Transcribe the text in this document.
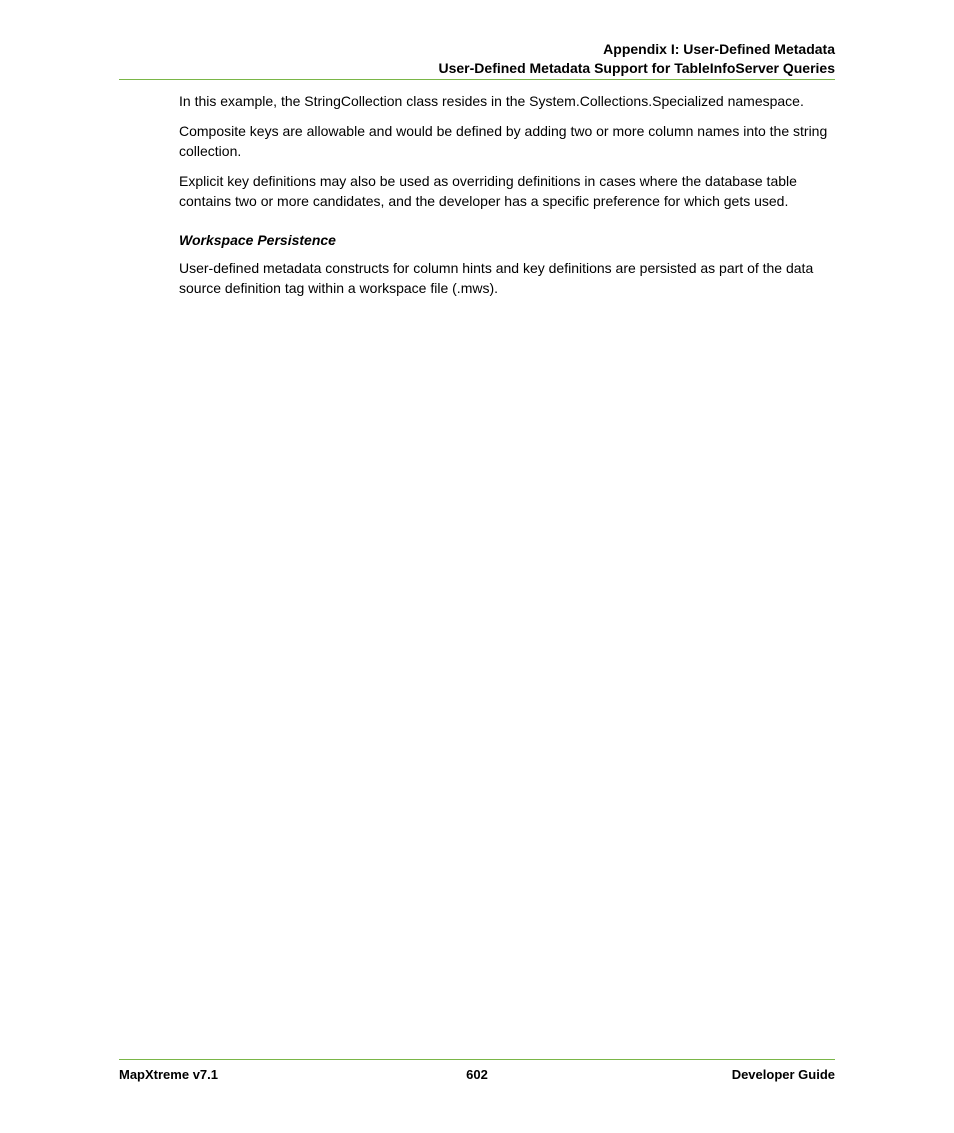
Appendix I: User-Defined Metadata
User-Defined Metadata Support for TableInfoServer Queries

In this example, the StringCollection class resides in the System.Collections.Specialized namespace.

Composite keys are allowable and would be defined by adding two or more column names into the string collection.

Explicit key definitions may also be used as overriding definitions in cases where the database table contains two or more candidates, and the developer has a specific preference for which gets used.

Workspace Persistence

User-defined metadata constructs for column hints and key definitions are persisted as part of the data source definition tag within a workspace file (.mws).

MapXtreme v7.1	602	Developer Guide
